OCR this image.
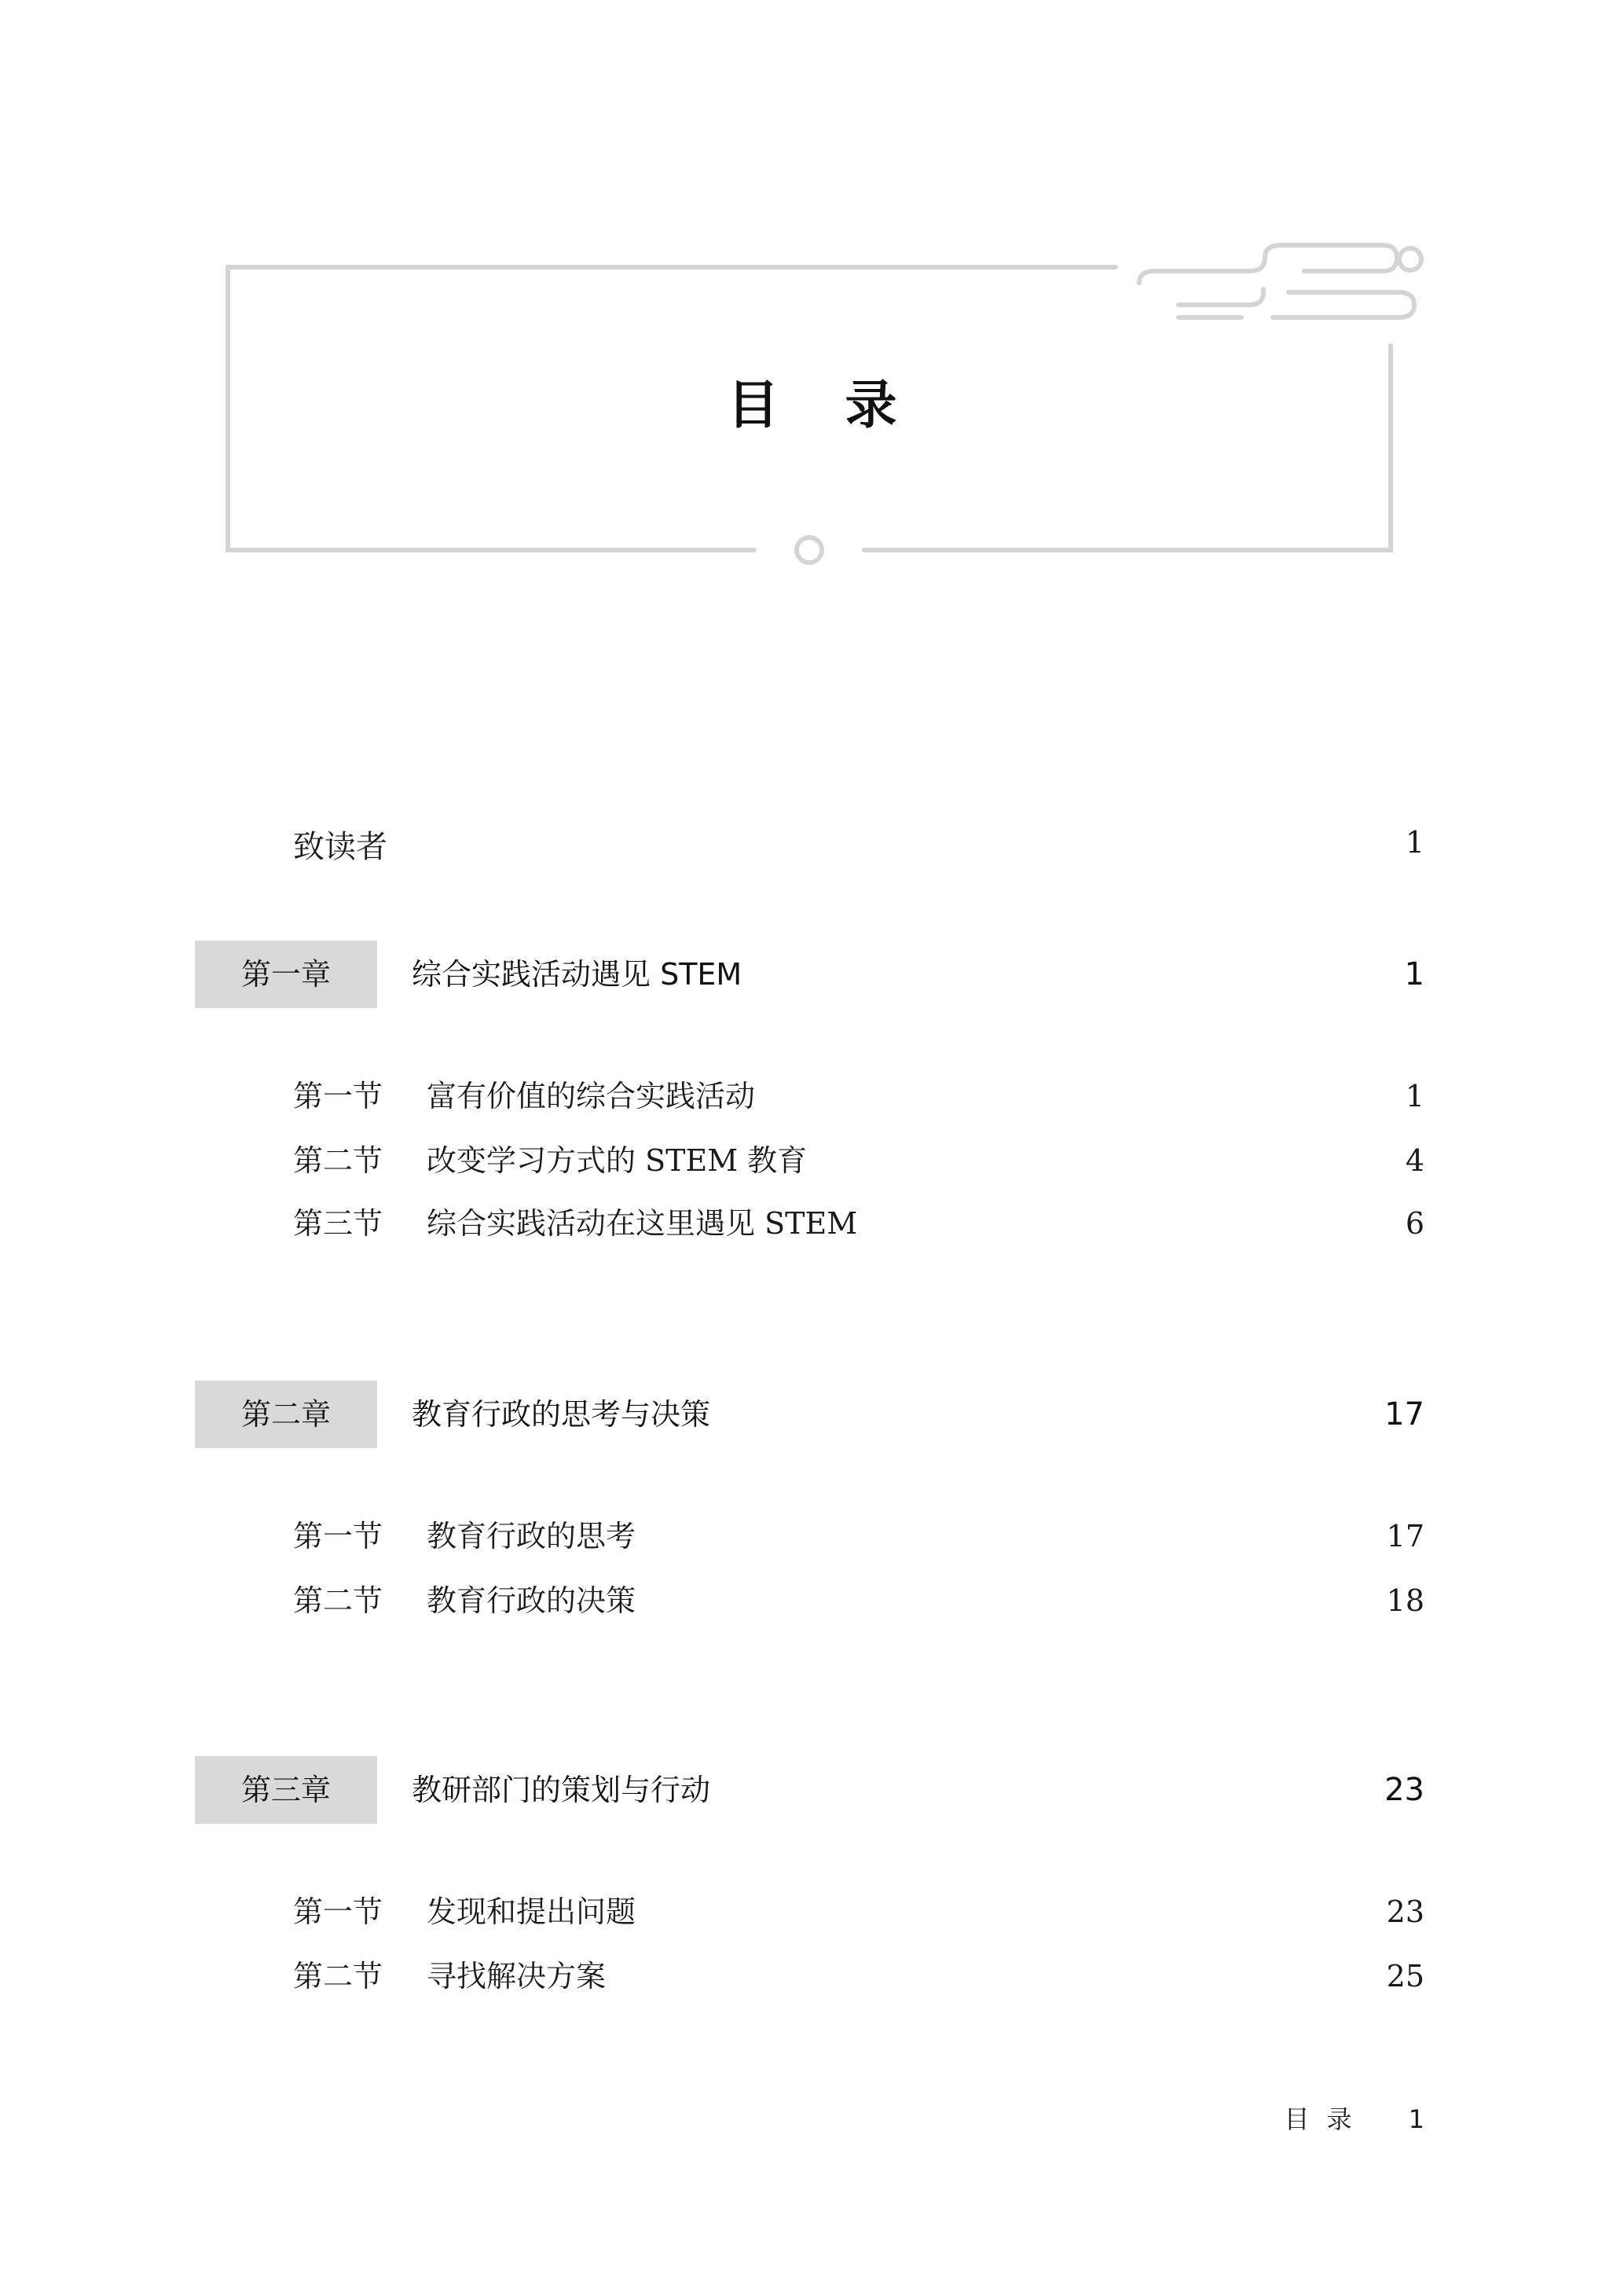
目录
致读者	1
第一章	综合实践活动遇见 STEM	1
第一节 富有价值的综合实践活动	1
第二节 改变学习方式的 STEM 教育	4
第三节 综合实践活动在这里遇见 STEM	6
第二章	教育行政的思考与决策	17
第一节 教育行政的思考	17
第二节 教育行政的决策	18
第三章	教研部门的策划与行动	23
第一节 发现和提出问题	23
第二节 寻找解决方案	25
目录 1
